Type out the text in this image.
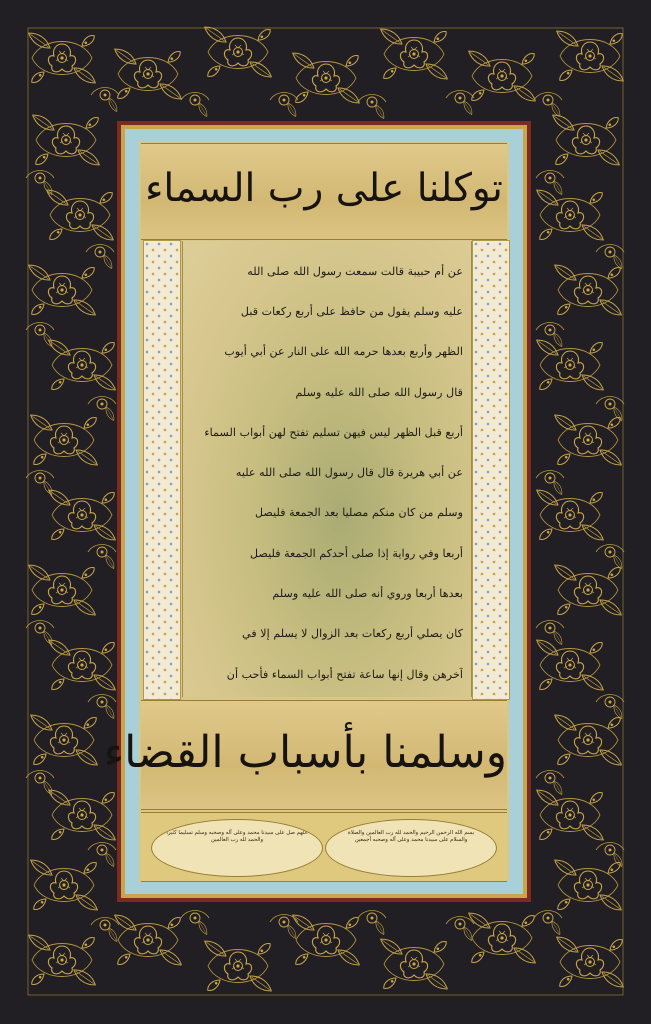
توكلنا على رب السماء
عن أم حبيبة قالت سمعت رسول الله صلى الله
عليه وسلم يقول من حافظ على أربع ركعات قبل
الظهر وأربع بعدها حرمه الله على النار عن أبي أيوب
قال رسول الله صلى الله عليه وسلم
أربع قبل الظهر ليس فيهن تسليم تفتح لهن أبواب السماء
عن أبي هريرة قال قال رسول الله صلى الله عليه
وسلم من كان منكم مصليا بعد الجمعة فليصل
أربعا وفي رواية إذا صلى أحدكم الجمعة فليصل
بعدها أربعا وروي أنه صلى الله عليه وسلم
كان يصلي أربع ركعات بعد الزوال لا يسلم إلا في
آخرهن وقال إنها ساعة تفتح أبواب السماء فأحب أن
وسلمنا بأسباب القضاء
بسم الله الرحمن الرحيم والحمد لله رب العالمين والصلاة والسلام على سيدنا محمد وعلى آله وصحبه أجمعين
اللهم صل على سيدنا محمد وعلى آله وصحبه وسلم تسليما كثيرا والحمد لله رب العالمين
